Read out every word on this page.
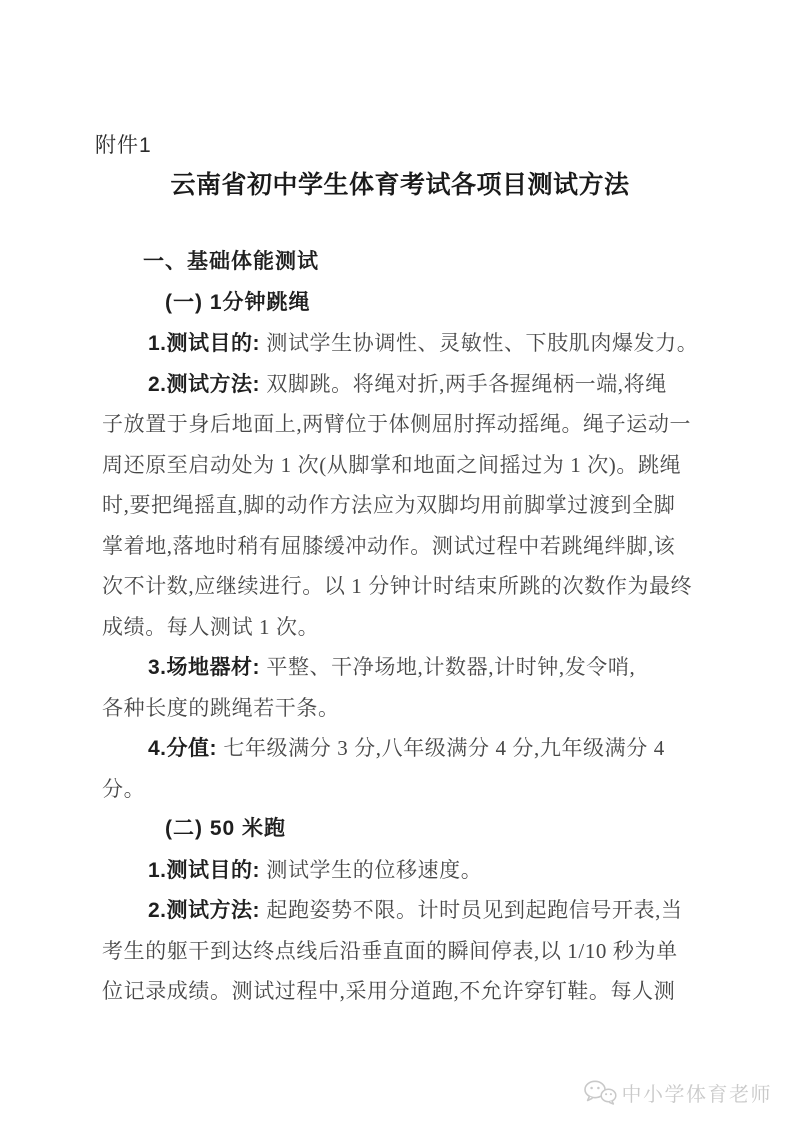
附件1
云南省初中学生体育考试各项目测试方法
一、基础体能测试
(一) 1分钟跳绳
1.测试目的: 测试学生协调性、灵敏性、下肢肌肉爆发力。
2.测试方法: 双脚跳。将绳对折,两手各握绳柄一端,将绳
子放置于身后地面上,两臂位于体侧屈肘挥动摇绳。绳子运动一
周还原至启动处为 1 次(从脚掌和地面之间摇过为 1 次)。跳绳
时,要把绳摇直,脚的动作方法应为双脚均用前脚掌过渡到全脚
掌着地,落地时稍有屈膝缓冲动作。测试过程中若跳绳绊脚,该
次不计数,应继续进行。以 1 分钟计时结束所跳的次数作为最终
成绩。每人测试 1 次。
3.场地器材: 平整、干净场地,计数器,计时钟,发令哨,
各种长度的跳绳若干条。
4.分值: 七年级满分 3 分,八年级满分 4 分,九年级满分 4
分。
(二) 50 米跑
1.测试目的: 测试学生的位移速度。
2.测试方法: 起跑姿势不限。计时员见到起跑信号开表,当
考生的躯干到达终点线后沿垂直面的瞬间停表,以 1/10 秒为单
位记录成绩。测试过程中,采用分道跑,不允许穿钉鞋。每人测
中小学体育老师
